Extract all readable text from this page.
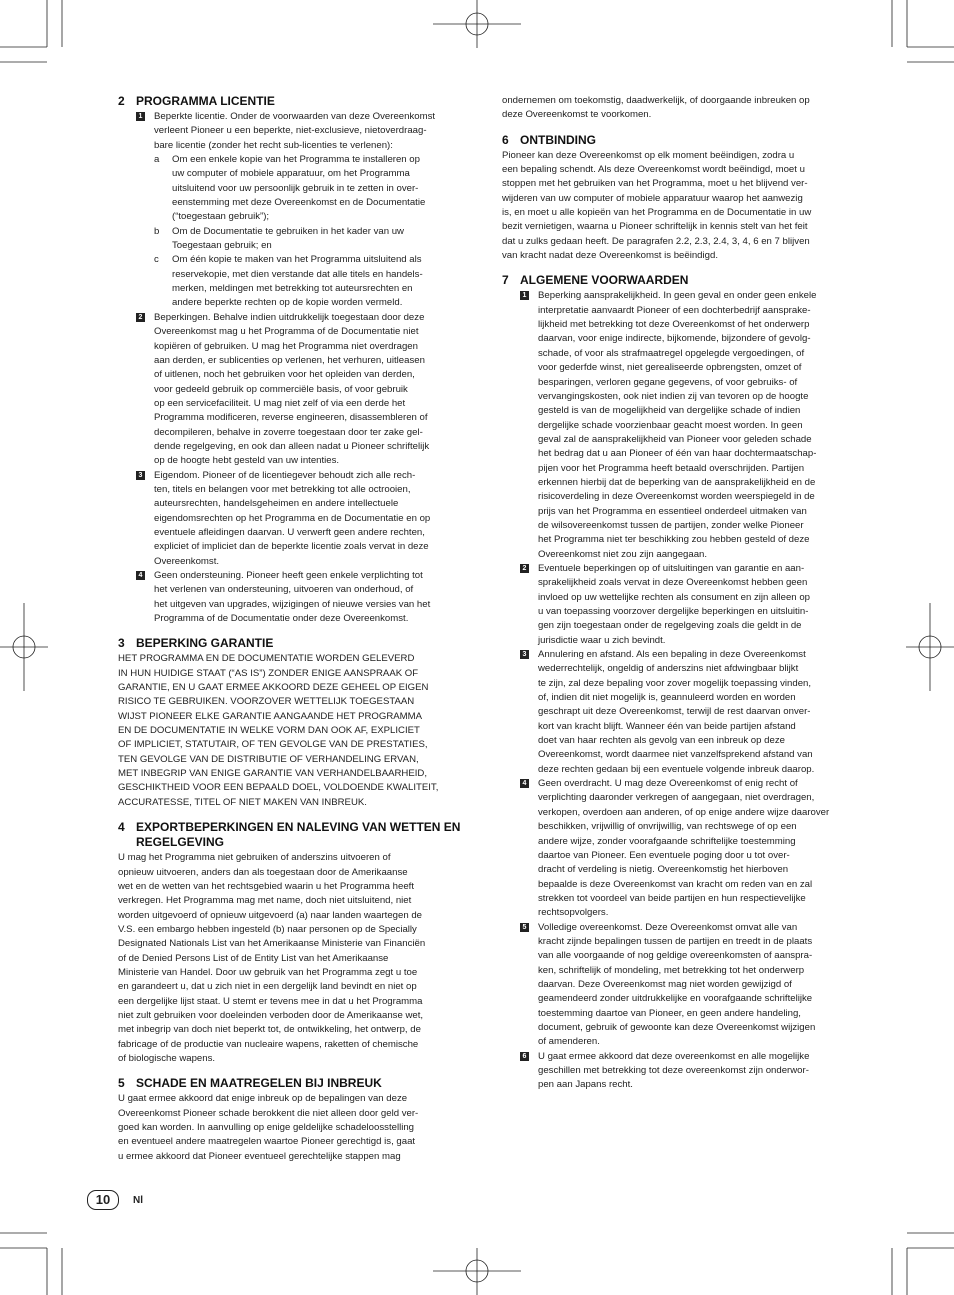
2 PROGRAMMA LICENTIE
1 Beperkte licentie. Onder de voorwaarden van deze Overeenkomst
verleent Pioneer u een beperkte, niet-exclusieve, nietoverdraag-
bare licentie (zonder het recht sub-licenties te verlenen):
a	Om een enkele kopie van het Programma te installeren op
uw computer of mobiele apparatuur, om het Programma
uitsluitend voor uw persoonlijk gebruik in te zetten in over-
eenstemming met deze Overeenkomst en de Documentatie
(“toegestaan gebruik”);
b	Om de Documentatie te gebruiken in het kader van uw
Toegestaan gebruik; en
c	Om één kopie te maken van het Programma uitsluitend als
reservekopie, met dien verstande dat alle titels en handels-
merken, meldingen met betrekking tot auteursrechten en
andere beperkte rechten op de kopie worden vermeld.
2 Beperkingen. Behalve indien uitdrukkelijk toegestaan door deze
Overeenkomst mag u het Programma of de Documentatie niet
kopiëren of gebruiken. U mag het Programma niet overdragen
aan derden, er sublicenties op verlenen, het verhuren, uitleasen
of uitlenen, noch het gebruiken voor het opleiden van derden,
voor gedeeld gebruik op commerciële basis, of voor gebruik
op een servicefaciliteit. U mag niet zelf of via een derde het
Programma modificeren, reverse engineeren, disassembleren of
decompileren, behalve in zoverre toegestaan door ter zake gel-
dende regelgeving, en ook dan alleen nadat u Pioneer schriftelijk
op de hoogte hebt gesteld van uw intenties.
3 Eigendom. Pioneer of de licentiegever behoudt zich alle rech-
ten, titels en belangen voor met betrekking tot alle octrooien,
auteursrechten, handelsgeheimen en andere intellectuele
eigendomsrechten op het Programma en de Documentatie en op
eventuele afleidingen daarvan. U verwerft geen andere rechten,
expliciet of impliciet dan de beperkte licentie zoals vervat in deze
Overeenkomst.
4 Geen ondersteuning. Pioneer heeft geen enkele verplichting tot
het verlenen van ondersteuning, uitvoeren van onderhoud, of
het uitgeven van upgrades, wijzigingen of nieuwe versies van het
Programma of de Documentatie onder deze Overeenkomst.
3 BEPERKING GARANTIE

HET PROGRAMMA EN DE DOCUMENTATIE WORDEN GELEVERD
IN HUN HUIDIGE STAAT (“AS IS”) ZONDER ENIGE AANSPRAAK OF
GARANTIE, EN U GAAT ERMEE AKKOORD DEZE GEHEEL OP EIGEN
RISICO TE GEBRUIKEN. VOORZOVER WETTELIJK TOEGESTAAN
WIJST PIONEER ELKE GARANTIE AANGAANDE HET PROGRAMMA
EN DE DOCUMENTATIE IN WELKE VORM DAN OOK AF, EXPLICIET
OF IMPLICIET, STATUTAIR, OF TEN GEVOLGE VAN DE PRESTATIES,
TEN GEVOLGE VAN DE DISTRIBUTIE OF VERHANDELING ERVAN,
MET INBEGRIP VAN ENIGE GARANTIE VAN VERHANDELBAARHEID,
GESCHIKTHEID VOOR EEN BEPAALD DOEL, VOLDOENDE KWALITEIT,
ACCURATESSE, TITEL OF NIET MAKEN VAN INBREUK.

4 EXPORTBEPERKINGEN EN NALEVING VAN WETTEN EN REGELGEVING

U mag het Programma niet gebruiken of anderszins uitvoeren of
opnieuw uitvoeren, anders dan als toegestaan door de Amerikaanse
wet en de wetten van het rechtsgebied waarin u het Programma heeft
verkregen. Het Programma mag met name, doch niet uitsluitend, niet
worden uitgevoerd of opnieuw uitgevoerd (a) naar landen waartegen de
V.S. een embargo hebben ingesteld (b) naar personen op de Specially
Designated Nationals List van het Amerikaanse Ministerie van Financiën
of de Denied Persons List of de Entity List van het Amerikaanse
Ministerie van Handel. Door uw gebruik van het Programma zegt u toe
en garandeert u, dat u zich niet in een dergelijk land bevindt en niet op
een dergelijke lijst staat. U stemt er tevens mee in dat u het Programma
niet zult gebruiken voor doeleinden verboden door de Amerikaanse wet,
met inbegrip van doch niet beperkt tot, de ontwikkeling, het ontwerp, de
fabricage of de productie van nucleaire wapens, raketten of chemische
of biologische wapens.

5 SCHADE EN MAATREGELEN BIJ INBREUK

U gaat ermee akkoord dat enige inbreuk op de bepalingen van deze
Overeenkomst Pioneer schade berokkent die niet alleen door geld ver-
goed kan worden. In aanvulling op enige geldelijke schadeloosstelling
en eventueel andere maatregelen waartoe Pioneer gerechtigd is, gaat
u ermee akkoord dat Pioneer eventueel gerechtelijke stappen mag

ondernemen om toekomstig, daadwerkelijk, of doorgaande inbreuken op
deze Overeenkomst te voorkomen.

6 ONTBINDING

Pioneer kan deze Overeenkomst op elk moment beëindigen, zodra u
een bepaling schendt. Als deze Overeenkomst wordt beëindigd, moet u
stoppen met het gebruiken van het Programma, moet u het blijvend ver-
wijderen van uw computer of mobiele apparatuur waarop het aanwezig
is, en moet u alle kopieën van het Programma en de Documentatie in uw
bezit vernietigen, waarna u Pioneer schriftelijk in kennis stelt van het feit
dat u zulks gedaan heeft. De paragrafen 2.2, 2.3, 2.4, 3, 4, 6 en 7 blijven
van kracht nadat deze Overeenkomst is beëindigd.

7 ALGEMENE VOORWAARDEN
1 Beperking aansprakelijkheid. In geen geval en onder geen enkele
interpretatie aanvaardt Pioneer of een dochterbedrijf aansprake-
lijkheid met betrekking tot deze Overeenkomst of het onderwerp
daarvan, voor enige indirecte, bijkomende, bijzondere of gevolg-
schade, of voor als strafmaatregel opgelegde vergoedingen, of
voor gederfde winst, niet gerealiseerde opbrengsten, omzet of
besparingen, verloren gegane gegevens, of voor gebruiks- of
vervangingskosten, ook niet indien zij van tevoren op de hoogte
gesteld is van de mogelijkheid van dergelijke schade of indien
dergelijke schade voorzienbaar geacht moest worden. In geen
geval zal de aansprakelijkheid van Pioneer voor geleden schade
het bedrag dat u aan Pioneer of één van haar dochtermaatschap-
pijen voor het Programma heeft betaald overschrijden. Partijen
erkennen hierbij dat de beperking van de aansprakelijkheid en de
risicoverdeling in deze Overeenkomst worden weerspiegeld in de
prijs van het Programma en essentieel onderdeel uitmaken van
de wilsovereenkomst tussen de partijen, zonder welke Pioneer
het Programma niet ter beschikking zou hebben gesteld of deze
Overeenkomst niet zou zijn aangegaan.
2 Eventuele beperkingen op of uitsluitingen van garantie en aan-
sprakelijkheid zoals vervat in deze Overeenkomst hebben geen
invloed op uw wettelijke rechten als consument en zijn alleen op
u van toepassing voorzover dergelijke beperkingen en uitsluitin-
gen zijn toegestaan onder de regelgeving zoals die geldt in de
jurisdictie waar u zich bevindt.
3 Annulering en afstand. Als een bepaling in deze Overeenkomst
wederrechtelijk, ongeldig of anderszins niet afdwingbaar blijkt
te zijn, zal deze bepaling voor zover mogelijk toepassing vinden,
of, indien dit niet mogelijk is, geannuleerd worden en worden
geschrapt uit deze Overeenkomst, terwijl de rest daarvan onver-
kort van kracht blijft. Wanneer één van beide partijen afstand
doet van haar rechten als gevolg van een inbreuk op deze
Overeenkomst, wordt daarmee niet vanzelfsprekend afstand van
deze rechten gedaan bij een eventuele volgende inbreuk daarop.
4 Geen overdracht. U mag deze Overeenkomst of enig recht of
verplichting daaronder verkregen of aangegaan, niet overdragen,
verkopen, overdoen aan anderen, of op enige andere wijze daarover
beschikken, vrijwillig of onvrijwillig, van rechtswege of op een
andere wijze, zonder voorafgaande schriftelijke toestemming
daartoe van Pioneer. Een eventuele poging door u tot over-
dracht of verdeling is nietig. Overeenkomstig het hierboven
bepaalde is deze Overeenkomst van kracht om reden van en zal
strekken tot voordeel van beide partijen en hun respectievelijke
rechtsopvolgers.
5 Volledige overeenkomst. Deze Overeenkomst omvat alle van
kracht zijnde bepalingen tussen de partijen en treedt in de plaats
van alle voorgaande of nog geldige overeenkomsten of aanspra-
ken, schriftelijk of mondeling, met betrekking tot het onderwerp
daarvan. Deze Overeenkomst mag niet worden gewijzigd of
geamendeerd zonder uitdrukkelijke en voorafgaande schriftelijke
toestemming daartoe van Pioneer, en geen andere handeling,
document, gebruik of gewoonte kan deze Overeenkomst wijzigen
of amenderen.
6 U gaat ermee akkoord dat deze overeenkomst en alle mogelijke
geschillen met betrekking tot deze overeenkomst zijn onderwor-
pen aan Japans recht.
10	Nl
